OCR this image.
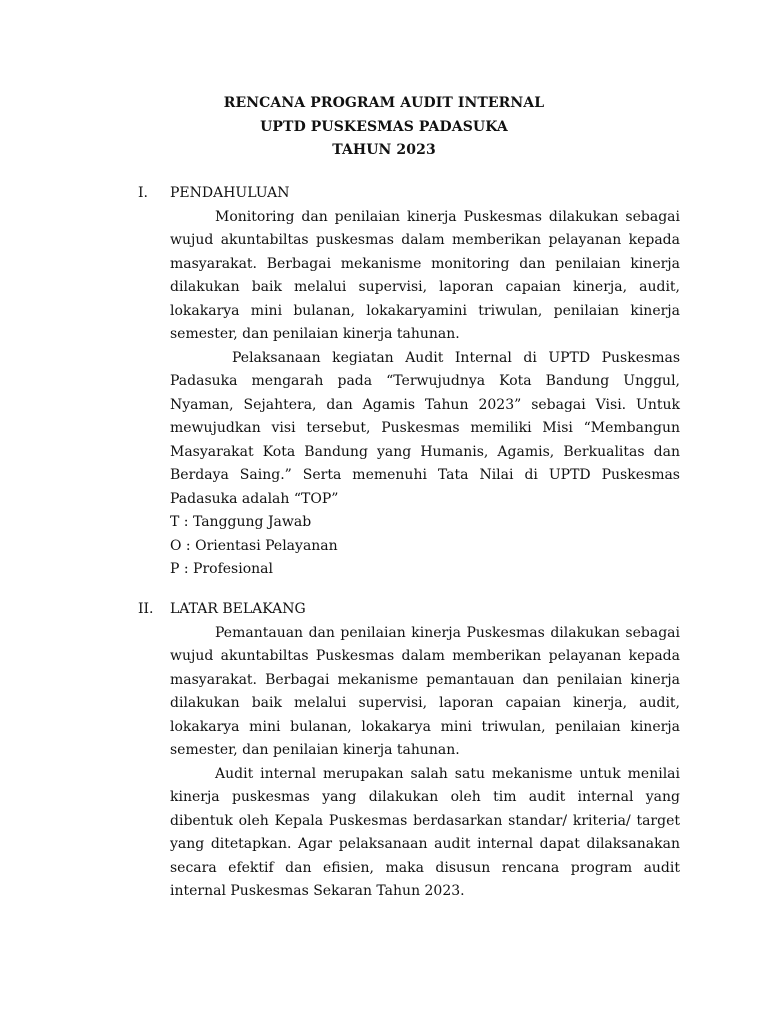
RENCANA PROGRAM AUDIT INTERNAL
UPTD PUSKESMAS PADASUKA
TAHUN 2023
I.	PENDAHULUAN

Monitoring dan penilaian kinerja Puskesmas dilakukan sebagai wujud akuntabiltas puskesmas dalam memberikan pelayanan kepada masyarakat. Berbagai mekanisme monitoring dan penilaian kinerja dilakukan baik melalui supervisi, laporan capaian kinerja, audit, lokakarya mini bulanan, lokakaryamini triwulan, penilaian kinerja semester, dan penilaian kinerja tahunan.

Pelaksanaan kegiatan Audit Internal di UPTD Puskesmas Padasuka mengarah pada “Terwujudnya Kota Bandung Unggul, Nyaman, Sejahtera, dan Agamis Tahun 2023” sebagai Visi. Untuk mewujudkan visi tersebut, Puskesmas memiliki Misi “Membangun Masyarakat Kota Bandung yang Humanis, Agamis, Berkualitas dan Berdaya Saing.” Serta memenuhi Tata Nilai di UPTD Puskesmas Padasuka adalah “TOP”

T : Tanggung Jawab

O : Orientasi Pelayanan

P : Profesional

II.	LATAR BELAKANG

Pemantauan dan penilaian kinerja Puskesmas dilakukan sebagai wujud akuntabiltas Puskesmas dalam memberikan pelayanan kepada masyarakat. Berbagai mekanisme pemantauan dan penilaian kinerja dilakukan baik melalui supervisi, laporan capaian kinerja, audit, lokakarya mini bulanan, lokakarya mini triwulan, penilaian kinerja semester, dan penilaian kinerja tahunan.

Audit internal merupakan salah satu mekanisme untuk menilai kinerja puskesmas yang dilakukan oleh tim audit internal yang dibentuk oleh Kepala Puskesmas berdasarkan standar/ kriteria/ target yang ditetapkan. Agar pelaksanaan audit internal dapat dilaksanakan secara efektif dan efisien, maka disusun rencana program audit internal Puskesmas Sekaran Tahun 2023.
